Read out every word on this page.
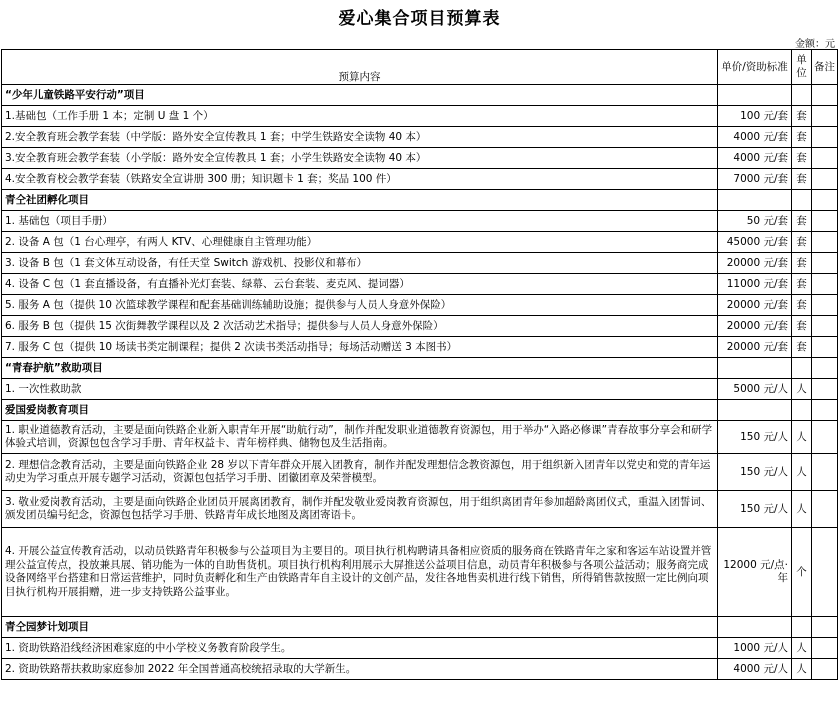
爱心集合项目预算表
金额：元
预算内容	单价/资助标准	单位	备注
“少年儿童铁路平安行动”项目			
1.基础包（工作手册 1 本；定制 U 盘 1 个）	100 元/套	套	
2.安全教育班会教学套装（中学版：路外安全宣传教具 1 套；中学生铁路安全读物 40 本）	4000 元/套	套	
3.安全教育班会教学套装（小学版：路外安全宣传教具 1 套；小学生铁路安全读物 40 本）	4000 元/套	套	
4.安全教育校会教学套装（铁路安全宣讲册 300 册；知识题卡 1 套；奖品 100 件）	7000 元/套	套	
青仝社团孵化项目			
1. 基础包（项目手册）	50 元/套	套	
2. 设备 A 包（1 台心理亭，有两人 KTV、心理健康自主管理功能）	45000 元/套	套	
3. 设备 B 包（1 套文体互动设备，有任天堂 Switch 游戏机、投影仪和幕布）	20000 元/套	套	
4. 设备 C 包（1 套直播设备，有直播补光灯套装、绿幕、云台套装、麦克风、提词器）	11000 元/套	套	
5. 服务 A 包（提供 10 次篮球教学课程和配套基础训练辅助设施；提供参与人员人身意外保险）	20000 元/套	套	
6. 服务 B 包（提供 15 次街舞教学课程以及 2 次活动艺术指导；提供参与人员人身意外保险）	20000 元/套	套	
7. 服务 C 包（提供 10 场读书类定制课程；提供 2 次读书类活动指导；每场活动赠送 3 本图书）	20000 元/套	套	
“青春护航”救助项目			
1. 一次性救助款	5000 元/人	人	
爱国爱岗教育项目			
1. 职业道德教育活动，主要是面向铁路企业新入职青年开展“助航行动”，制作并配发职业道德教育资源包，用于举办“入路必修课”青春故事分享会和研学体验式培训，资源包包含学习手册、青年权益卡、青年榜样典、储物包及生活指南。	150 元/人	人	
2. 理想信念教育活动，主要是面向铁路企业 28 岁以下青年群众开展入团教育，制作并配发理想信念教资源包，用于组织新入团青年以党史和党的青年运动史为学习重点开展专题学习活动，资源包包括学习手册、团徽团章及荣誉模型。	150 元/人	人	
3. 敬业爱岗教育活动，主要是面向铁路企业团员开展离团教育，制作并配发敬业爱岗教育资源包，用于组织离团青年参加超龄离团仪式，重温入团誓词、颁发团员编号纪念，资源包包括学习手册、铁路青年成长地图及离团寄语卡。	150 元/人	人	
4. 开展公益宣传教育活动，以动员铁路青年积极参与公益项目为主要目的。项目执行机构聘请具备相应资质的服务商在铁路青年之家和客运车站设置并管理公益宣传点，投放兼具展、销功能为一体的自助售货机。项目执行机构利用展示大屏推送公益项目信息，动员青年积极参与各项公益活动；服务商完成设备网络平台搭建和日常运营维护，同时负责孵化和生产由铁路青年自主设计的文创产品，发往各地售卖机进行线下销售，所得销售款按照一定比例向项目执行机构开展捐赠，进一步支持铁路公益事业。	12000 元/点·年	个	
青仝园梦计划项目			
1. 资助铁路沿线经济困难家庭的中小学校义务教育阶段学生。	1000 元/人	人	
2. 资助铁路帮扶救助家庭参加 2022 年全国普通高校统招录取的大学新生。	4000 元/人	人	
